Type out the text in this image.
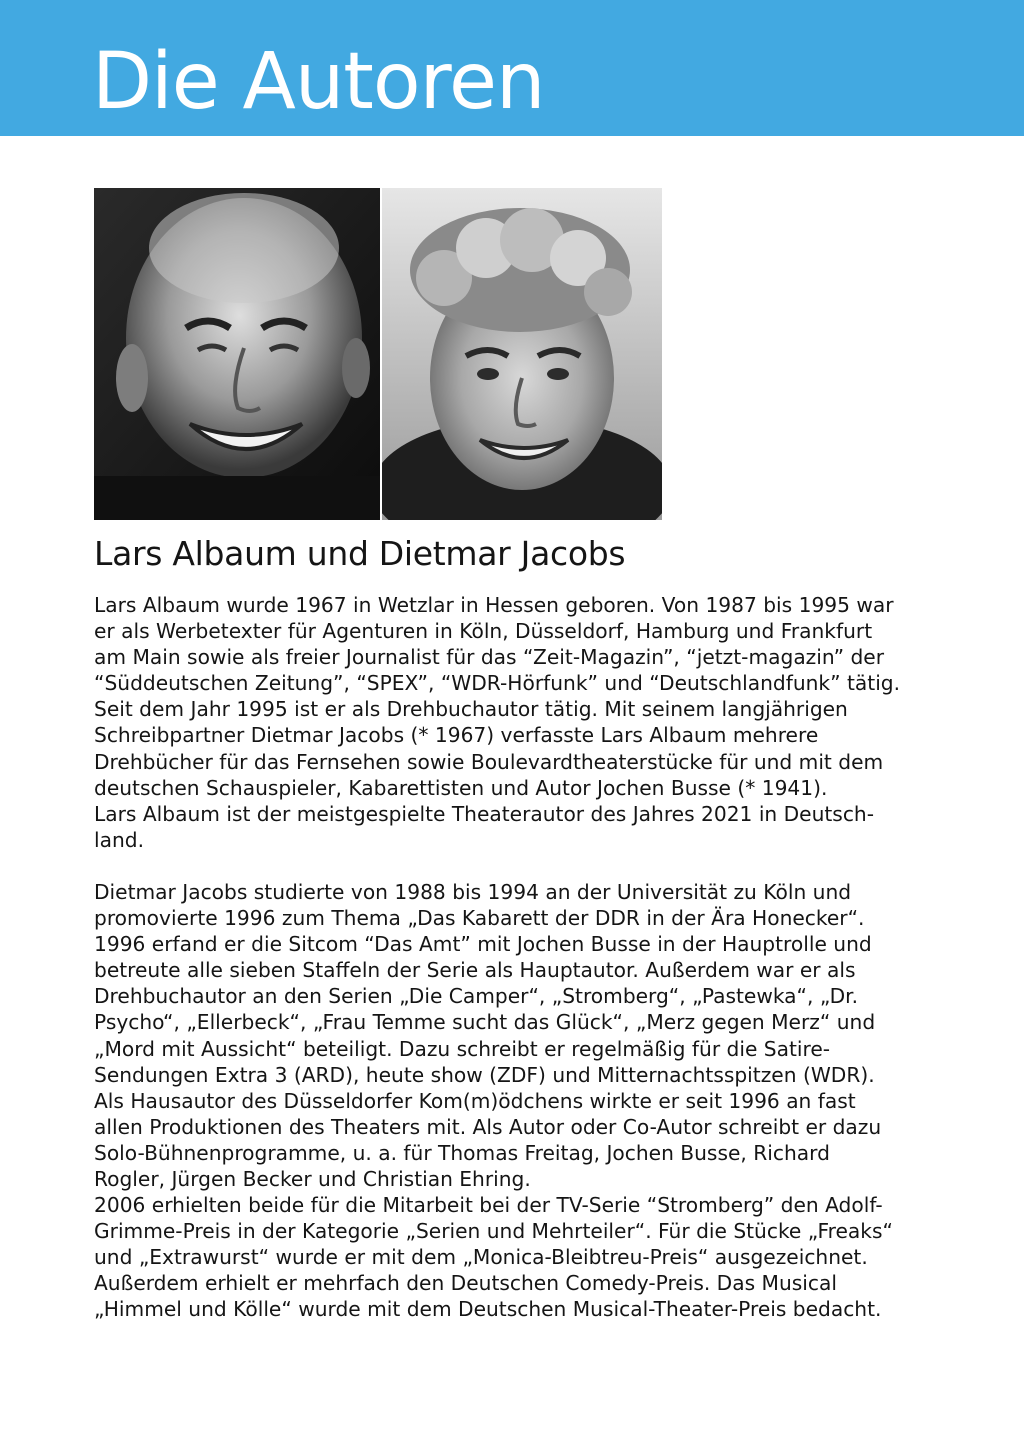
Die Autoren
Lars Albaum und Dietmar Jacobs

Lars Albaum wurde 1967 in Wetzlar in Hessen geboren. Von 1987 bis 1995 war
er als Werbetexter für Agenturen in Köln, Düsseldorf, Hamburg und Frankfurt
am Main sowie als freier Journalist für das “Zeit-Magazin”, “jetzt-magazin” der
“Süddeutschen Zeitung”, “SPEX”, “WDR-Hörfunk” und “Deutschlandfunk” tätig.
Seit dem Jahr 1995 ist er als Drehbuchautor tätig. Mit seinem langjährigen
Schreibpartner Dietmar Jacobs (* 1967) verfasste Lars Albaum mehrere
Drehbücher für das Fernsehen sowie Boulevardtheaterstücke für und mit dem
deutschen Schauspieler, Kabarettisten und Autor Jochen Busse (* 1941).
Lars Albaum ist der meistgespielte Theaterautor des Jahres 2021 in Deutsch-
land.

Dietmar Jacobs studierte von 1988 bis 1994 an der Universität zu Köln und
promovierte 1996 zum Thema „Das Kabarett der DDR in der Ära Honecker“.
1996 erfand er die Sitcom “Das Amt” mit Jochen Busse in der Hauptrolle und
betreute alle sieben Staffeln der Serie als Hauptautor. Außerdem war er als
Drehbuchautor an den Serien „Die Camper“, „Stromberg“, „Pastewka“, „Dr.
Psycho“, „Ellerbeck“, „Frau Temme sucht das Glück“, „Merz gegen Merz“ und
„Mord mit Aussicht“ beteiligt. Dazu schreibt er regelmäßig für die Satire-
Sendungen Extra 3 (ARD), heute show (ZDF) und Mitternachtsspitzen (WDR).
Als Hausautor des Düsseldorfer Kom(m)ödchens wirkte er seit 1996 an fast
allen Produktionen des Theaters mit. Als Autor oder Co-Autor schreibt er dazu
Solo-Bühnenprogramme, u. a. für Thomas Freitag, Jochen Busse, Richard
Rogler, Jürgen Becker und Christian Ehring.
2006 erhielten beide für die Mitarbeit bei der TV-Serie “Stromberg” den Adolf-
Grimme-Preis in der Kategorie „Serien und Mehrteiler“. Für die Stücke „Freaks“
und „Extrawurst“ wurde er mit dem „Monica-Bleibtreu-Preis“ ausgezeichnet.
Außerdem erhielt er mehrfach den Deutschen Comedy-Preis. Das Musical
„Himmel und Kölle“ wurde mit dem Deutschen Musical-Theater-Preis bedacht.
